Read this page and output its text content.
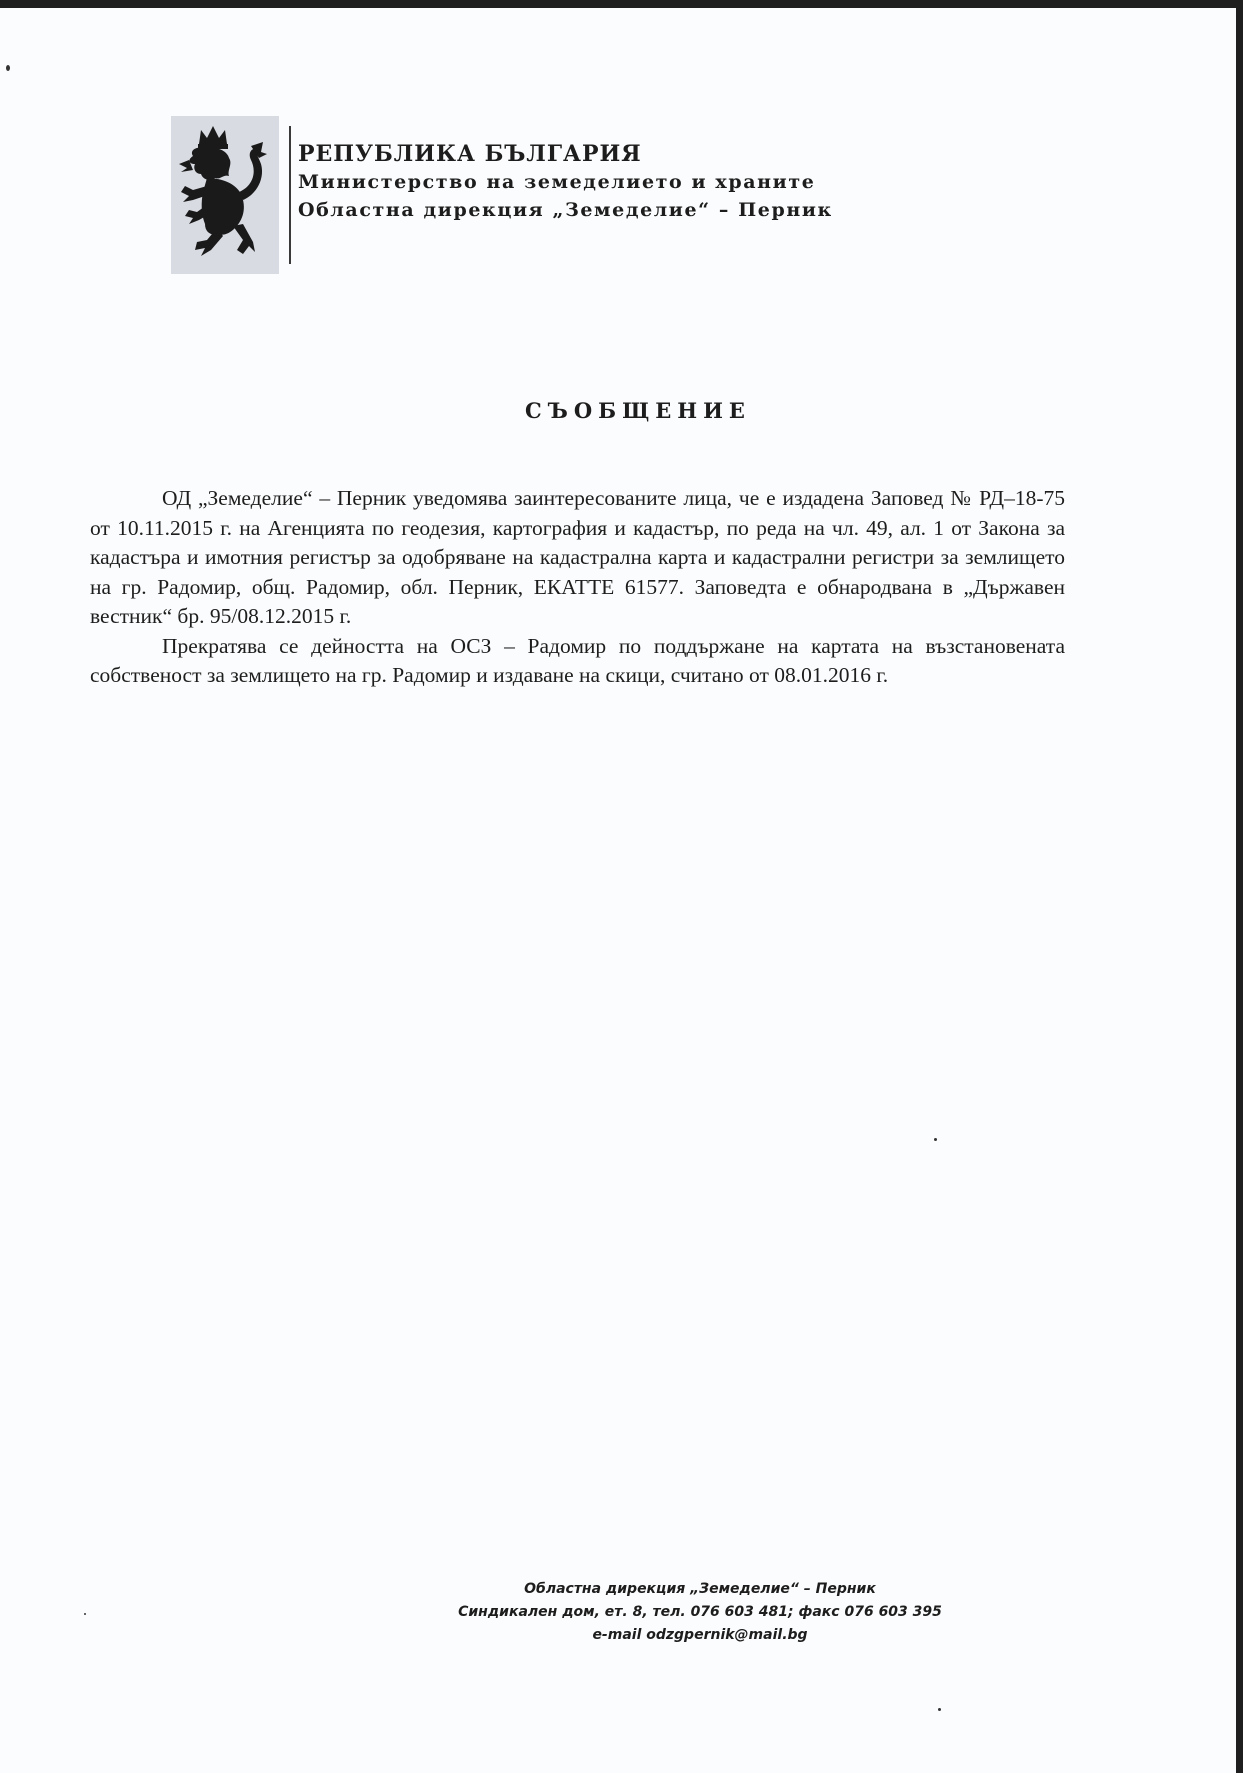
РЕПУБЛИКА БЪЛГАРИЯ
Министерство на земеделието и храните
Областна дирекция „Земеделие“ – Перник
СЪОБЩЕНИЕ

ОД „Земеделие“ – Перник уведомява заинтересованите лица, че е издадена Заповед № РД–18-75 от 10.11.2015 г. на Агенцията по геодезия, картография и кадастър, по реда на чл. 49, ал. 1 от Закона за кадастъра и имотния регистър за одобряване на кадастрална карта и кадастрални регистри за землището на гр. Радомир, общ. Радомир, обл. Перник, ЕКАТТЕ 61577. Заповедта е обнародвана в „Държавен вестник“ бр. 95/08.12.2015 г.

Прекратява се дейността на ОСЗ – Радомир по поддържане на картата на възстановената собственост за землището на гр. Радомир и издаване на скици, считано от 08.01.2016 г.

Областна дирекция „Земеделие“ – Перник
Синдикален дом, ет. 8, тел. 076 603 481; факс 076 603 395
e-mail odzgpernik@mail.bg
